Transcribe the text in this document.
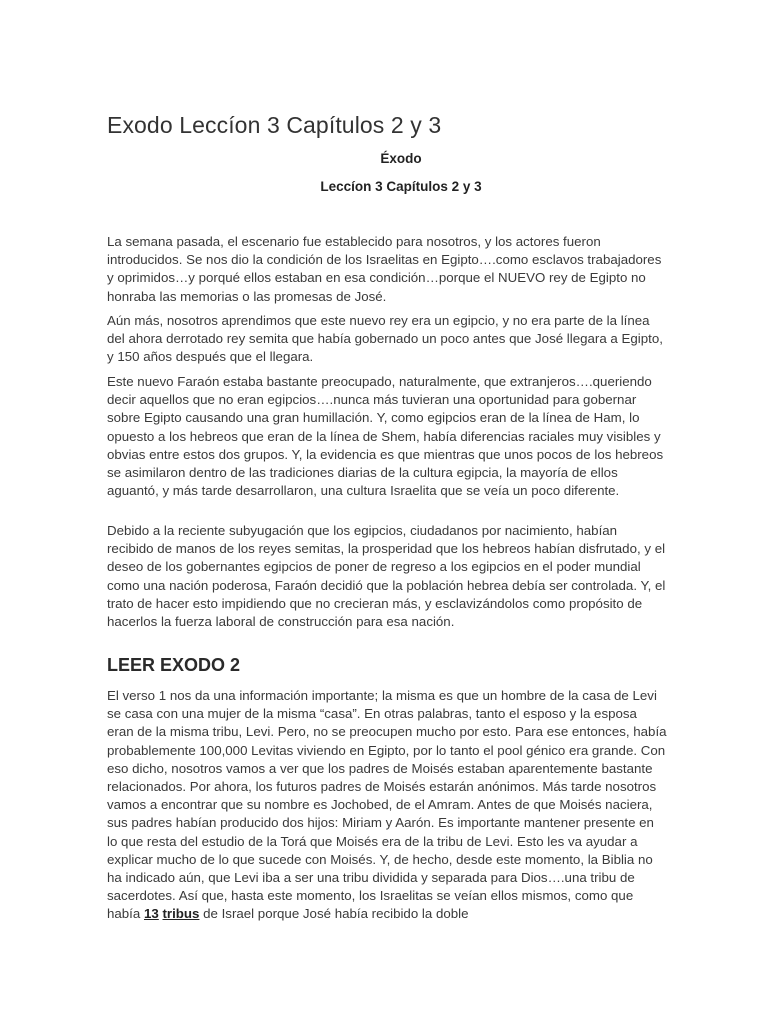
Exodo Leccíon 3 Capítulos 2 y 3

Éxodo

Leccíon 3 Capítulos 2 y 3

La semana pasada, el escenario fue establecido para nosotros, y los actores fueron introducidos. Se nos dio la condición de los Israelitas en Egipto….como esclavos trabajadores y oprimidos…y porqué ellos estaban en esa condición…porque el NUEVO rey de Egipto no honraba las memorias o las promesas de José.

Aún más, nosotros aprendimos que este nuevo rey era un egipcio, y no era parte de la línea del ahora derrotado rey semita que había gobernado un poco antes que José llegara a Egipto, y 150 años después que el llegara.

Este nuevo Faraón estaba bastante preocupado, naturalmente, que extranjeros….queriendo decir aquellos que no eran egipcios….nunca más tuvieran una oportunidad para gobernar sobre Egipto causando una gran humillación. Y, como egipcios eran de la línea de Ham, lo opuesto a los hebreos que eran de la línea de Shem, había diferencias raciales muy visibles y obvias entre estos dos grupos. Y, la evidencia es que mientras que unos pocos de los hebreos se asimilaron dentro de las tradiciones diarias de la cultura egipcia, la mayoría de ellos aguantó, y más tarde desarrollaron, una cultura Israelita que se veía un poco diferente.

Debido a la reciente subyugación que los egipcios, ciudadanos por nacimiento, habían recibido de manos de los reyes semitas, la prosperidad que los hebreos habían disfrutado, y el deseo de los gobernantes egipcios de poner de regreso a los egipcios en el poder mundial como una nación poderosa, Faraón decidió que la población hebrea debía ser controlada. Y, el trato de hacer esto impidiendo que no crecieran más, y esclavizándolos como propósito de hacerlos la fuerza laboral de construcción para esa nación.

LEER EXODO 2

El verso 1 nos da una información importante; la misma es que un hombre de la casa de Levi se casa con una mujer de la misma “casa”. En otras palabras, tanto el esposo y la esposa eran de la misma tribu, Levi. Pero, no se preocupen mucho por esto. Para ese entonces, había probablemente 100,000 Levitas viviendo en Egipto, por lo tanto el pool génico era grande. Con eso dicho, nosotros vamos a ver que los padres de Moisés estaban aparentemente bastante relacionados. Por ahora, los futuros padres de Moisés estarán anónimos. Más tarde nosotros vamos a encontrar que su nombre es Jochobed, de el Amram. Antes de que Moisés naciera, sus padres habían producido dos hijos: Miriam y Aarón. Es importante mantener presente en lo que resta del estudio de la Torá que Moisés era de la tribu de Levi. Esto les va ayudar a explicar mucho de lo que sucede con Moisés. Y, de hecho, desde este momento, la Biblia no ha indicado aún, que Levi iba a ser una tribu dividida y separada para Dios….una tribu de sacerdotes. Así que, hasta este momento, los Israelitas se veían ellos mismos, como que había 13 tribus de Israel porque José había recibido la doble
